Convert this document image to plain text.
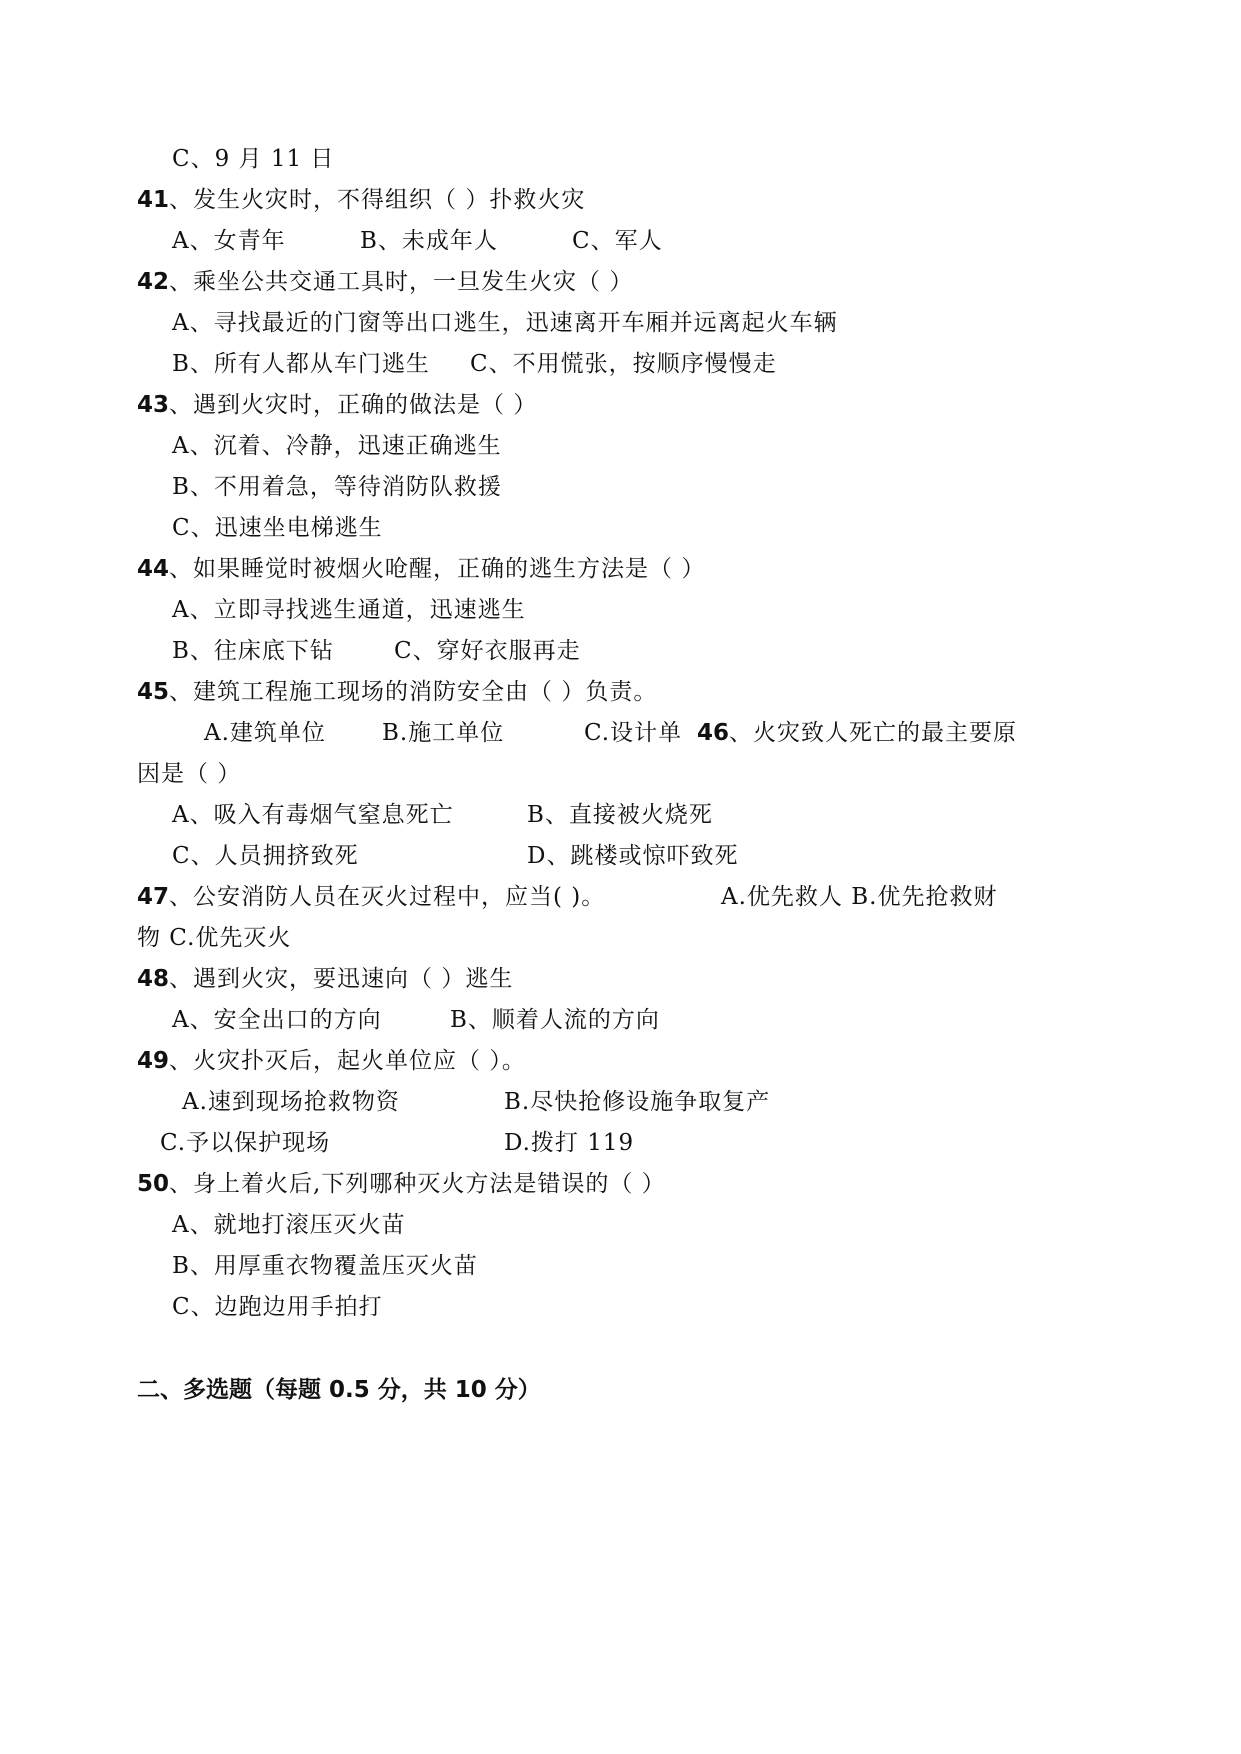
C、9 月 11 日
41、发生火灾时，不得组织（ ）扑救火灾
A、女青年	B、未成年人	C、军人
42、乘坐公共交通工具时，一旦发生火灾（ ）
A、寻找最近的门窗等出口逃生，迅速离开车厢并远离起火车辆
B、所有人都从车门逃生 C、不用慌张，按顺序慢慢走
43、遇到火灾时，正确的做法是（ ）
A、沉着、冷静，迅速正确逃生
B、不用着急，等待消防队救援
C、迅速坐电梯逃生
44、如果睡觉时被烟火呛醒，正确的逃生方法是（ ）
A、立即寻找逃生通道，迅速逃生
B、往床底下钻	C、穿好衣服再走
45、建筑工程施工现场的消防安全由（ ）负责。
A.建筑单位 B.施工单位	C.设计单 46、火灾致人死亡的最主要原
因是（ ）
A、吸入有毒烟气窒息死亡	B、直接被火烧死
C、人员拥挤致死	D、跳楼或惊吓致死
47、公安消防人员在灭火过程中，应当( )。	A.优先救人 B.优先抢救财
物 C.优先灭火
48、遇到火灾，要迅速向（ ）逃生
A、安全出口的方向	B、顺着人流的方向
49、火灾扑灭后，起火单位应（ ）。
A.速到现场抢救物资	B.尽快抢修设施争取复产
C.予以保护现场	D.拨打 119
50、身上着火后,下列哪种灭火方法是错误的（ ）
A、就地打滚压灭火苗
B、用厚重衣物覆盖压灭火苗
C、边跑边用手拍打
二、多选题（每题 0.5 分，共 10 分）
